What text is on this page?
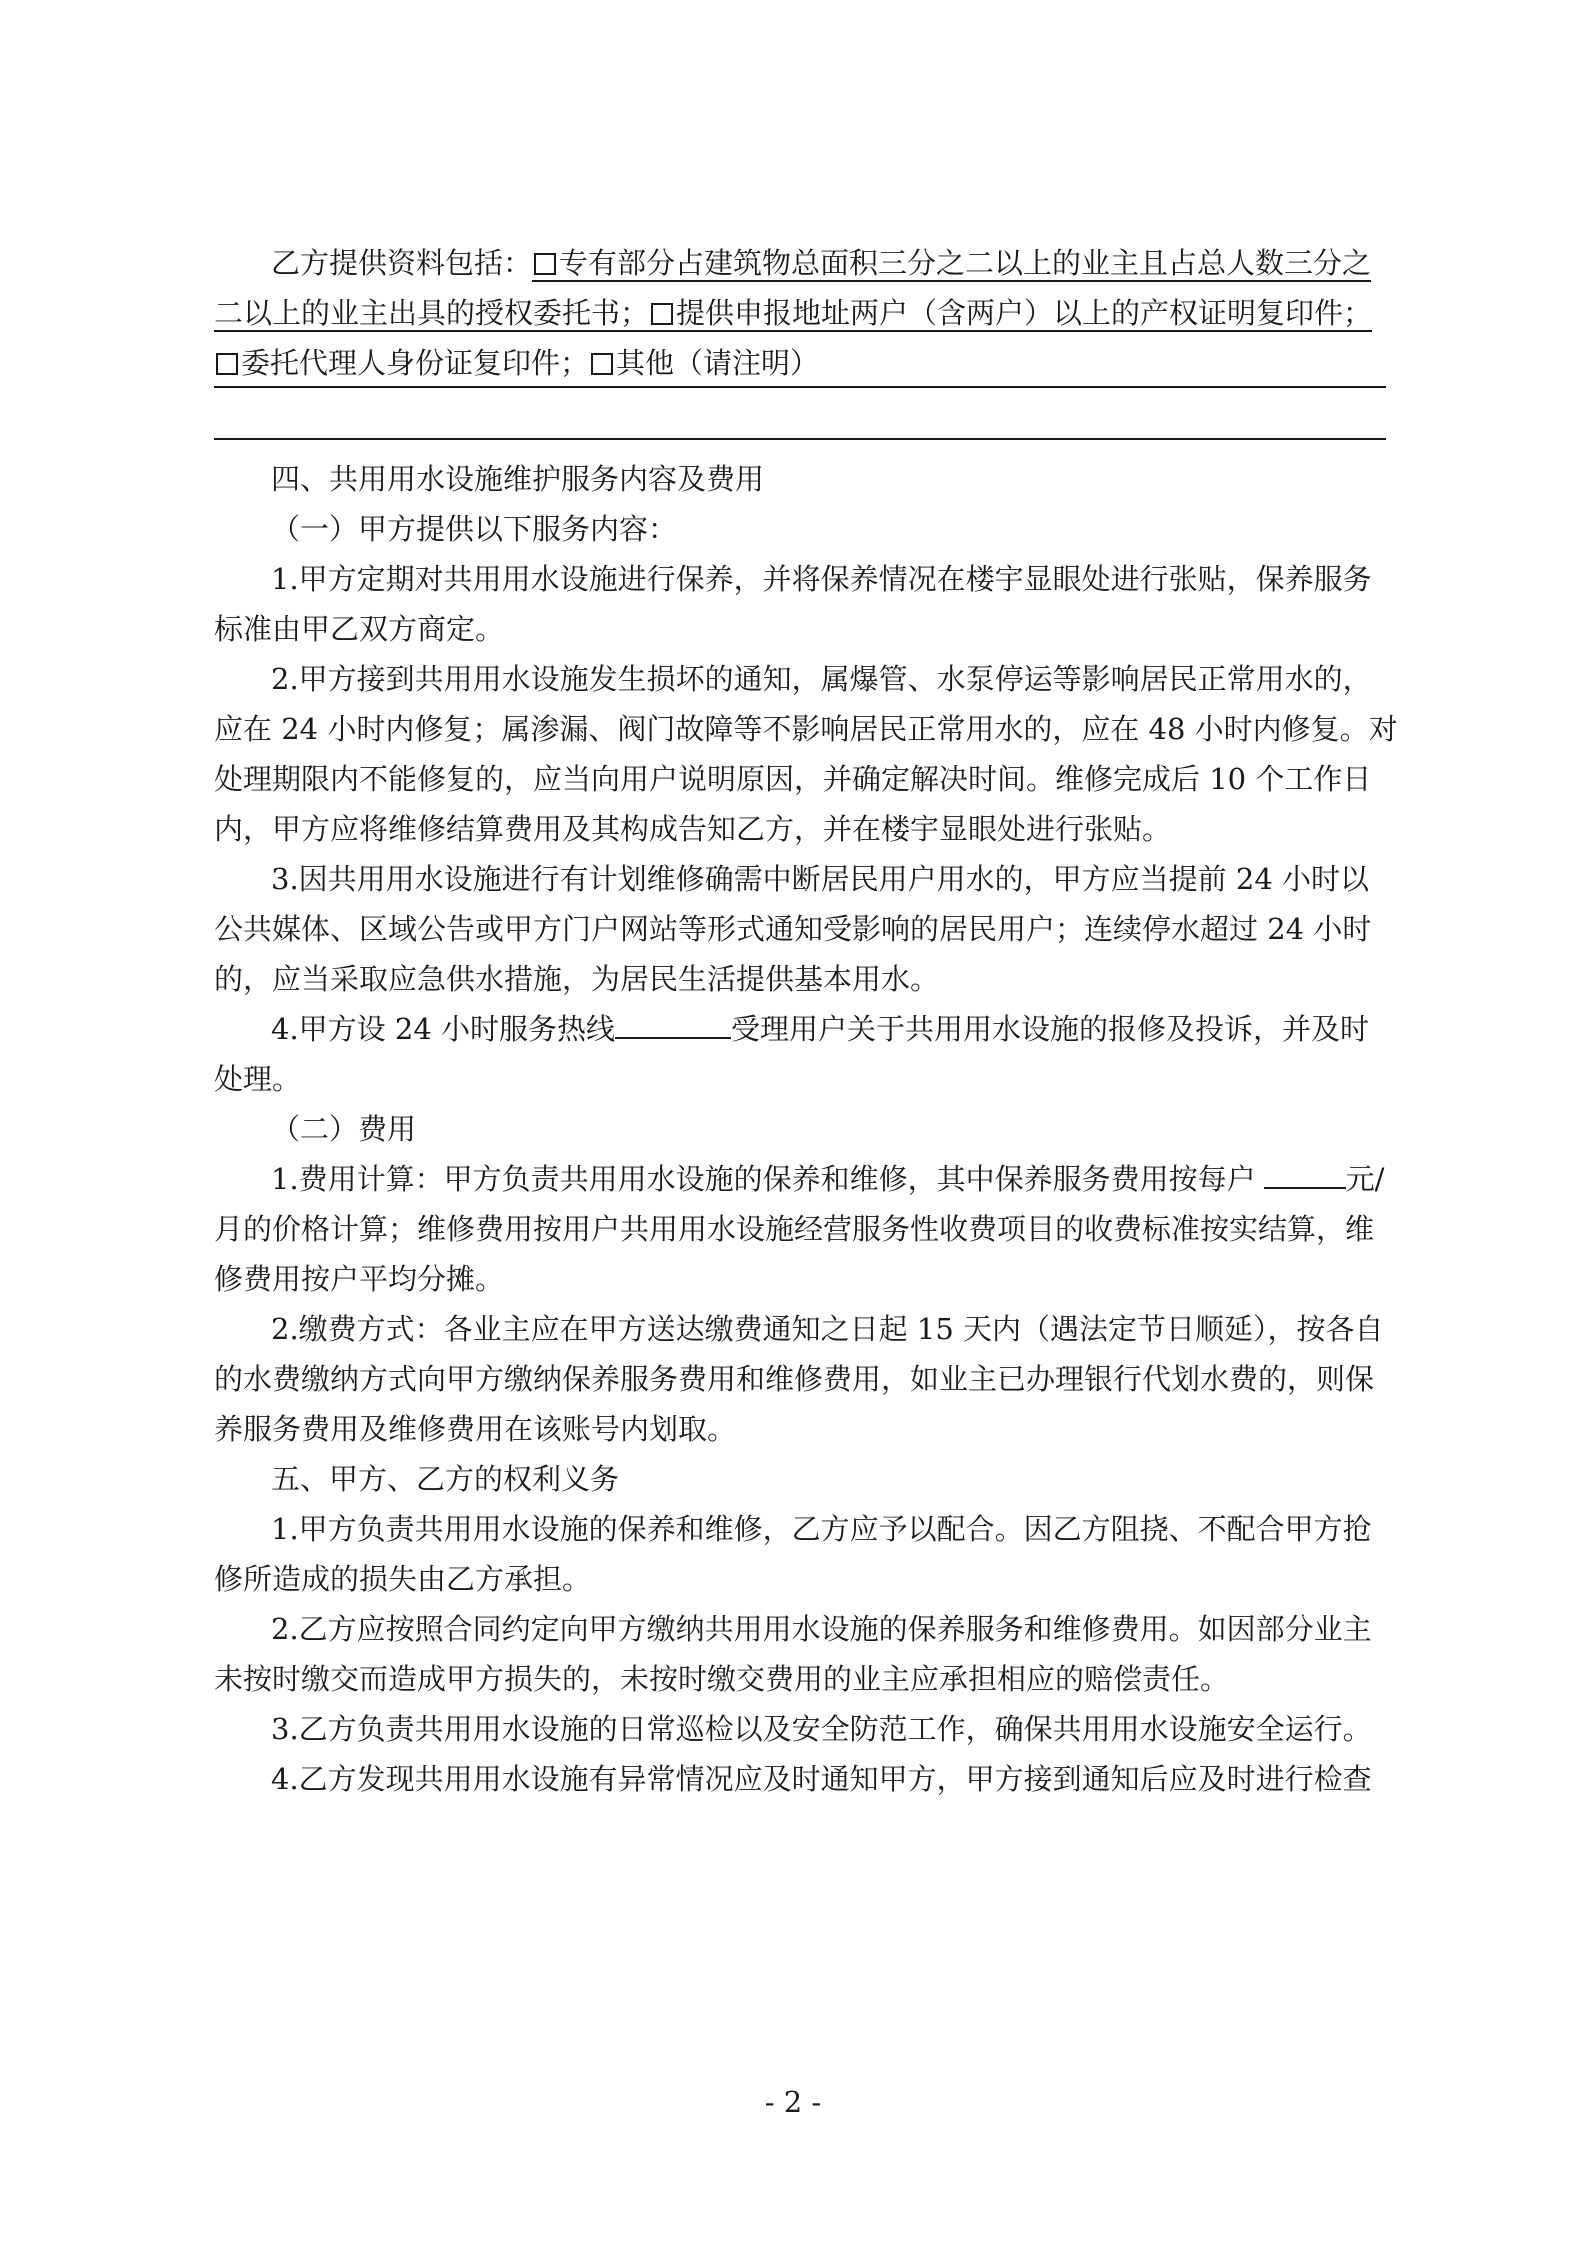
乙方提供资料包括： 专有部分占建筑物总面积三分之二以上的业主且占总人数三分之
二以上的业主出具的授权委托书； 提供申报地址两户（含两户）以上的产权证明复印件；
委托代理人身份证复印件； 其他（请注明）
四、共用用水设施维护服务内容及费用
（一）甲方提供以下服务内容：
1.甲方定期对共用用水设施进行保养，并将保养情况在楼宇显眼处进行张贴，保养服务
标准由甲乙双方商定。
2.甲方接到共用用水设施发生损坏的通知，属爆管、水泵停运等影响居民正常用水的，
应在 24 小时内修复；属渗漏、阀门故障等不影响居民正常用水的，应在 48 小时内修复。对
处理期限内不能修复的，应当向用户说明原因，并确定解决时间。维修完成后 10 个工作日
内，甲方应将维修结算费用及其构成告知乙方，并在楼宇显眼处进行张贴。
3.因共用用水设施进行有计划维修确需中断居民用户用水的，甲方应当提前 24 小时以
公共媒体、区域公告或甲方门户网站等形式通知受影响的居民用户；连续停水超过 24 小时
的，应当采取应急供水措施，为居民生活提供基本用水。
4.甲方设 24 小时服务热线	受理用户关于共用用水设施的报修及投诉，并及时
处理。
（二）费用
1.费用计算：甲方负责共用用水设施的保养和维修，其中保养服务费用按每户	元/
月的价格计算；维修费用按用户共用用水设施经营服务性收费项目的收费标准按实结算，维
修费用按户平均分摊。
2.缴费方式：各业主应在甲方送达缴费通知之日起 15 天内（遇法定节日顺延），按各自
的水费缴纳方式向甲方缴纳保养服务费用和维修费用，如业主已办理银行代划水费的，则保
养服务费用及维修费用在该账号内划取。
五、甲方、乙方的权利义务
1.甲方负责共用用水设施的保养和维修，乙方应予以配合。因乙方阻挠、不配合甲方抢
修所造成的损失由乙方承担。
2.乙方应按照合同约定向甲方缴纳共用用水设施的保养服务和维修费用。如因部分业主
未按时缴交而造成甲方损失的，未按时缴交费用的业主应承担相应的赔偿责任。
3.乙方负责共用用水设施的日常巡检以及安全防范工作，确保共用用水设施安全运行。
4.乙方发现共用用水设施有异常情况应及时通知甲方，甲方接到通知后应及时进行检查
- 2 -
